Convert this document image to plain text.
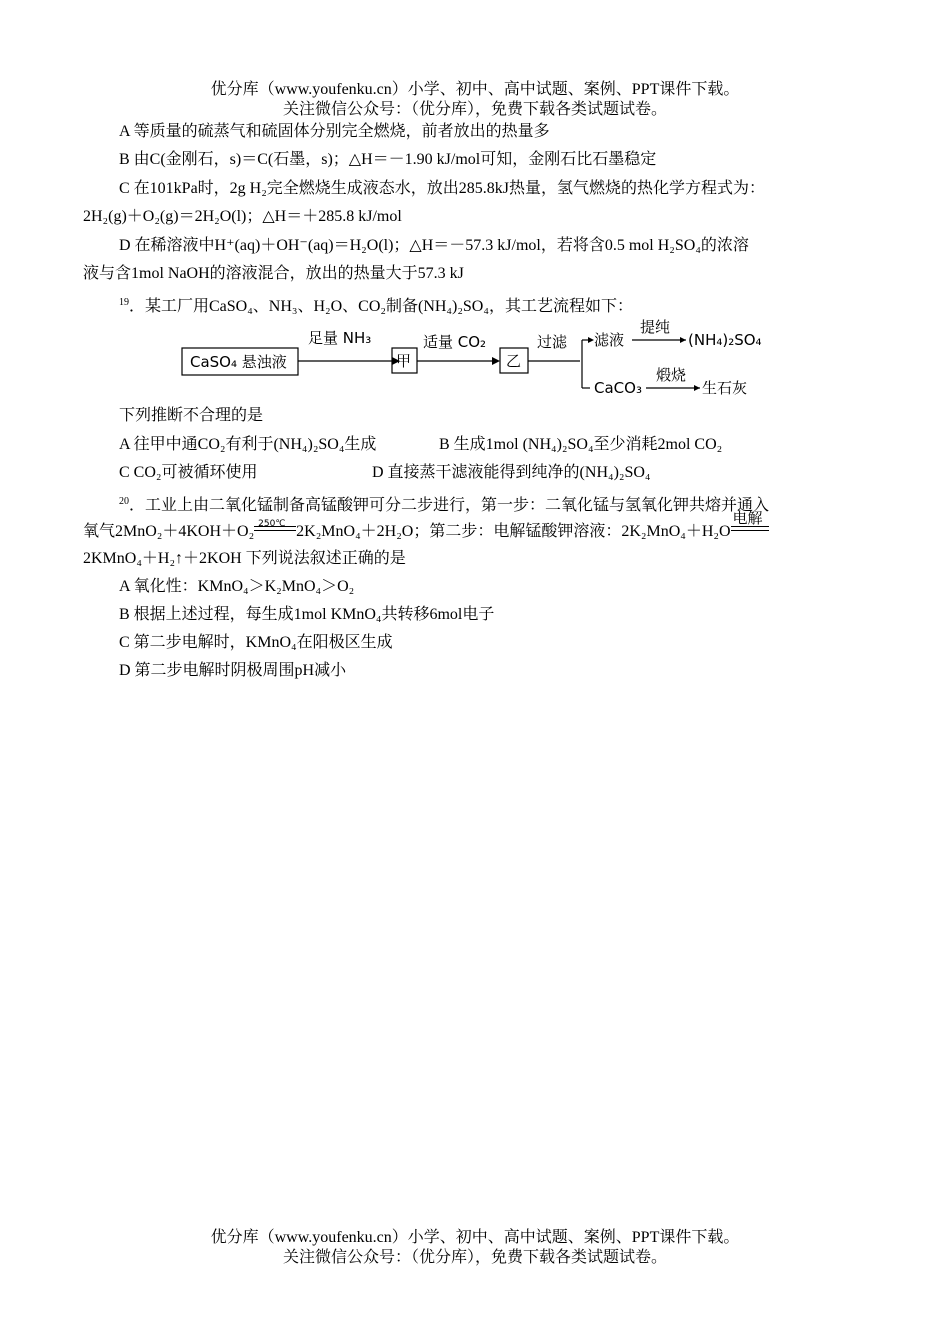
优分库（www.youfenku.cn）小学、初中、高中试题、案例、PPT课件下载。
关注微信公众号：（优分库），免费下载各类试题试卷。
A 等质量的硫蒸气和硫固体分别完全燃烧，前者放出的热量多
B 由C(金刚石，s)＝C(石墨，s)；△H＝－1.90 kJ/mol可知，金刚石比石墨稳定
C 在101kPa时，2g H₂完全燃烧生成液态水，放出285.8kJ热量，氢气燃烧的热化学方程式为：
2H₂(g)＋O₂(g)＝2H₂O(l)；△H＝＋285.8 kJ/mol
D 在稀溶液中H⁺(aq)＋OH⁻(aq)＝H₂O(l)；△H＝－57.3 kJ/mol，若将含0.5 mol H₂SO₄的浓溶
液与含1mol NaOH的溶液混合，放出的热量大于57.3 kJ
$^{19}$．某工厂用CaSO₄、NH₃、H₂O、CO₂制备(NH₄)₂SO₄，其工艺流程如下：
CaSO₄ 悬浊液
足量 NH₃
甲
适量 CO₂
乙
过滤 滤液
提纯
(NH₄)₂SO₄
CaCO₃
煅烧
生石灰
下列推断不合理的是
A 往甲中通CO₂有利于(NH₄)₂SO₄生成	B 生成1mol (NH₄)₂SO₄至少消耗2mol CO₂
C CO₂可被循环使用	D 直接蒸干滤液能得到纯净的(NH₄)₂SO₄
$^{20}$．工业上由二氧化锰制备高锰酸钾可分二步进行，第一步：二氧化锰与氢氧化钾共熔并通入
氧气2MnO₂＋4KOH＋O₂ 250℃ 2K₂MnO₄＋2H₂O；第二步：电解锰酸钾溶液：2K₂MnO₄＋H₂O
电解
2KMnO₄＋H₂↑＋2KOH 下列说法叙述正确的是
A 氧化性：KMnO₄＞K₂MnO₄＞O₂
B 根据上述过程，每生成1mol KMnO₄共转移6mol电子
C 第二步电解时，KMnO₄在阳极区生成
D 第二步电解时阴极周围pH减小
优分库（www.youfenku.cn）小学、初中、高中试题、案例、PPT课件下载。
关注微信公众号：（优分库），免费下载各类试题试卷。
